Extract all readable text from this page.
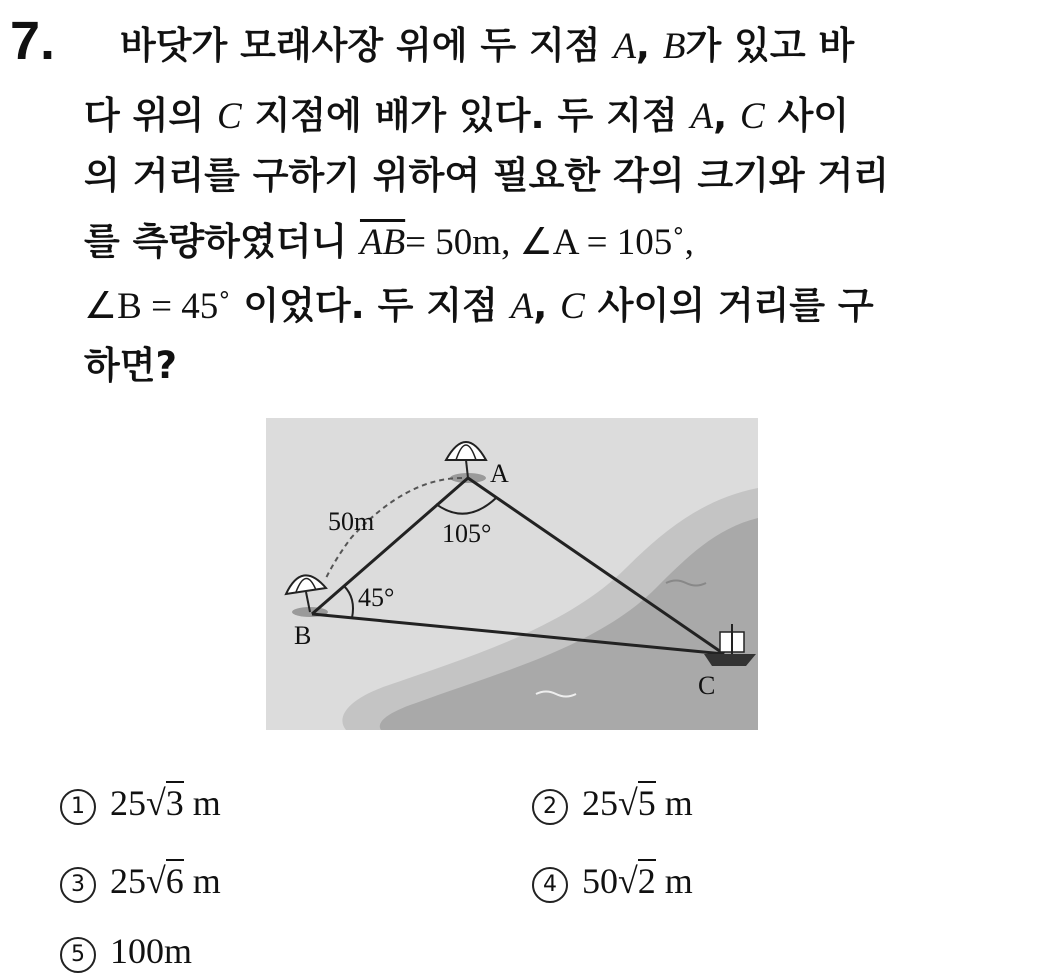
7. 바닷가 모래사장 위에 두 지점 A, B가 있고 바
다 위의 C 지점에 배가 있다. 두 지점 A, C 사이
의 거리를 구하기 위하여 필요한 각의 크기와 거리
를 측량하였더니 $\overline{AB}= 50m$, ∠A = 105˚,
∠B = 45˚ 이었다. 두 지점 A, C 사이의 거리를 구
하면?
A
B
C
50m	105°
45°
1 25√3 m	2 25√5 m
3 25√6 m	4 50√2 m
5 100m
